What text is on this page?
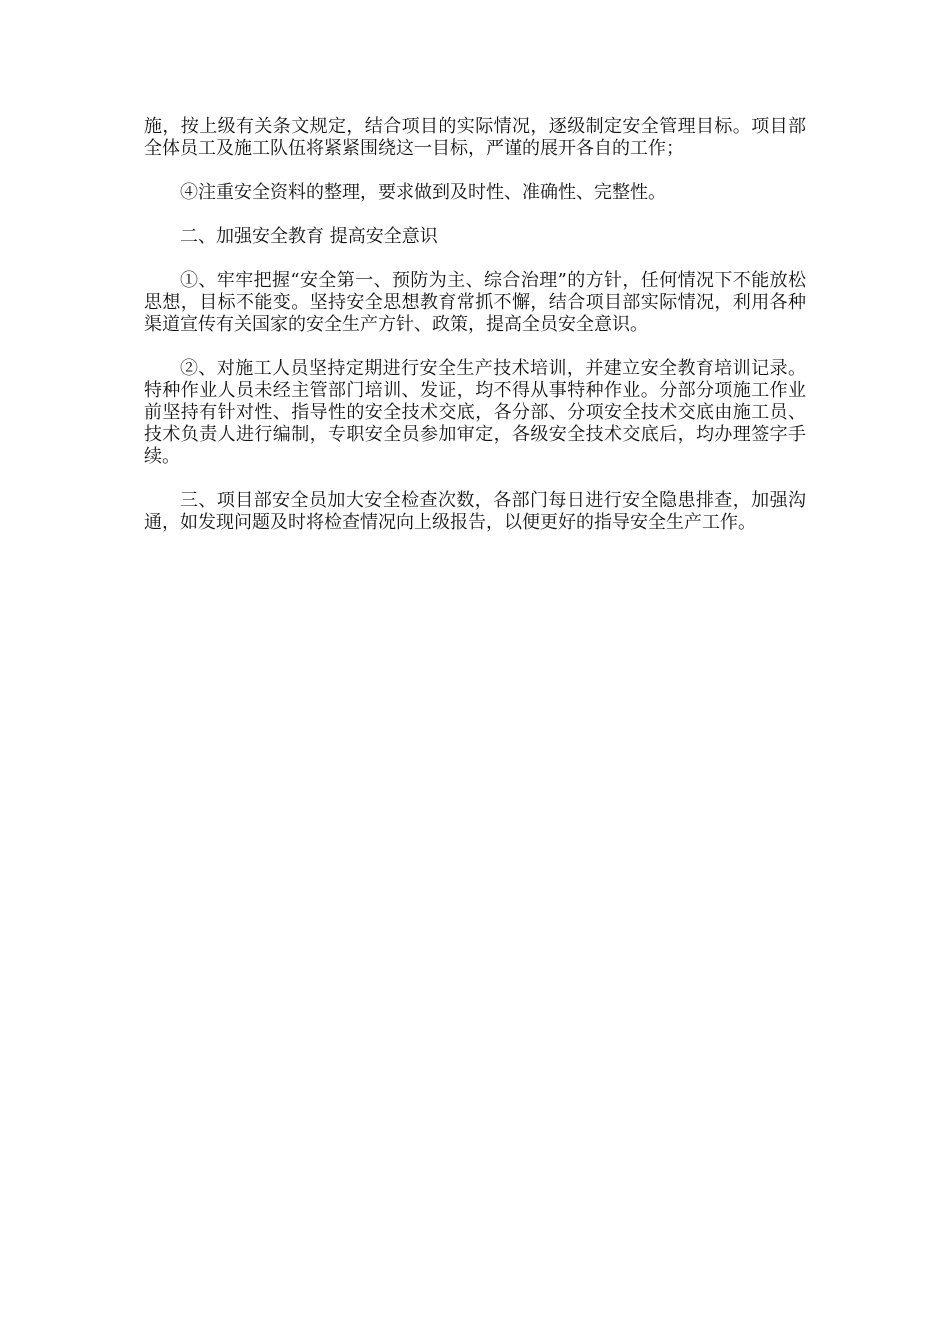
施，按上级有关条文规定，结合项目的实际情况，逐级制定安全管理目标。项目部全体员工及施工队伍将紧紧围绕这一目标，严谨的展开各自的工作；

④注重安全资料的整理，要求做到及时性、准确性、完整性。

二、加强安全教育 提高安全意识

①、牢牢把握“安全第一、预防为主、综合治理”的方针，任何情况下不能放松思想，目标不能变。坚持安全思想教育常抓不懈，结合项目部实际情况，利用各种渠道宣传有关国家的安全生产方针、政策，提高全员安全意识。

②、对施工人员坚持定期进行安全生产技术培训，并建立安全教育培训记录。特种作业人员未经主管部门培训、发证，均不得从事特种作业。分部分项施工作业前坚持有针对性、指导性的安全技术交底，各分部、分项安全技术交底由施工员、技术负责人进行编制，专职安全员参加审定，各级安全技术交底后，均办理签字手续。

三、项目部安全员加大安全检查次数，各部门每日进行安全隐患排查，加强沟通，如发现问题及时将检查情况向上级报告，以便更好的指导安全生产工作。
